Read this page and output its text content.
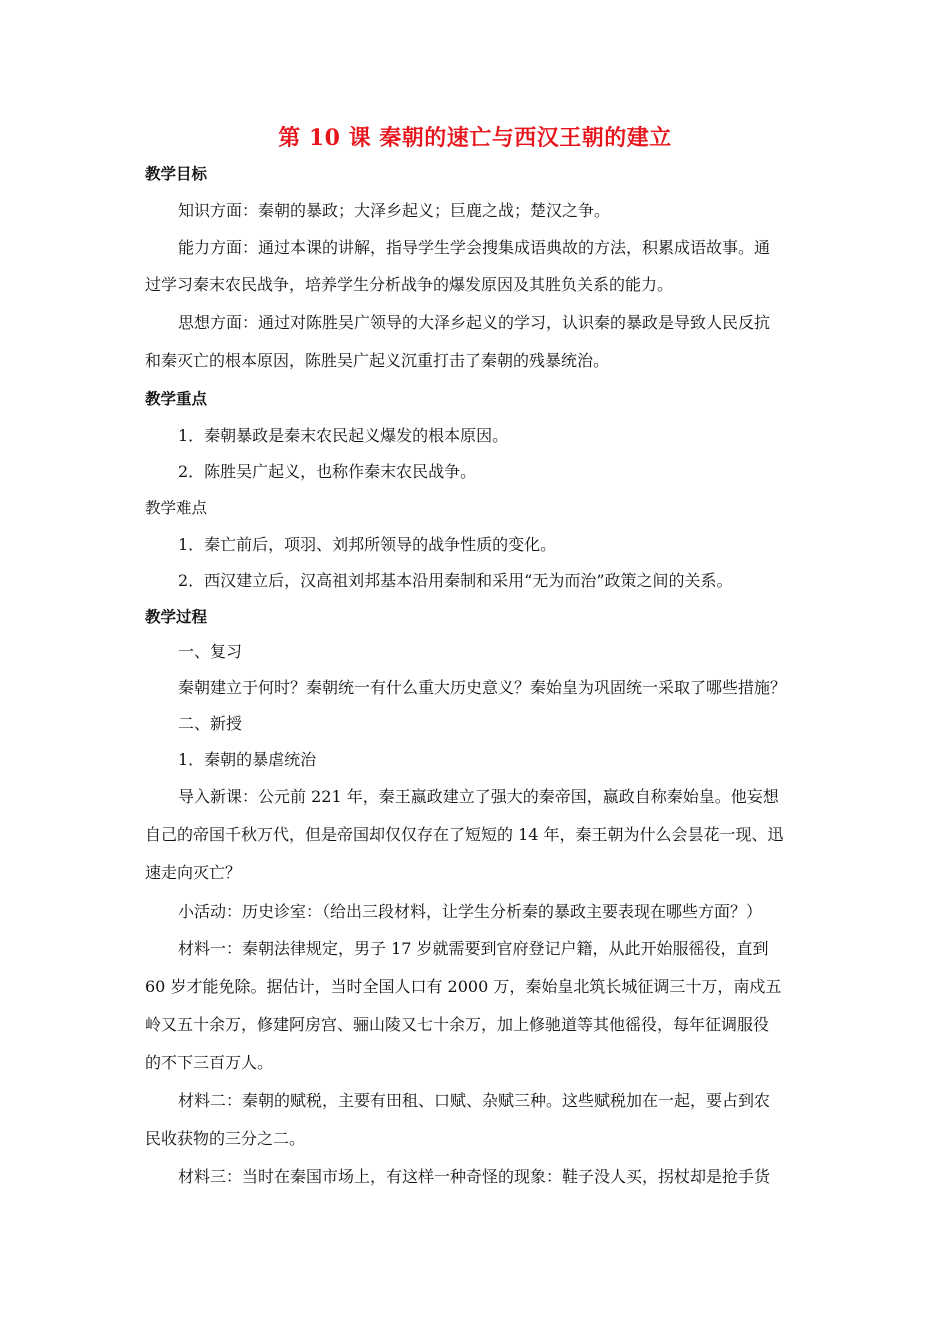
第 10 课 秦朝的速亡与西汉王朝的建立
教学目标
知识方面：秦朝的暴政；大泽乡起义；巨鹿之战；楚汉之争。
能力方面：通过本课的讲解，指导学生学会搜集成语典故的方法，积累成语故事。通
过学习秦末农民战争，培养学生分析战争的爆发原因及其胜负关系的能力。
思想方面：通过对陈胜吴广领导的大泽乡起义的学习，认识秦的暴政是导致人民反抗
和秦灭亡的根本原因，陈胜吴广起义沉重打击了秦朝的残暴统治。
教学重点
1．秦朝暴政是秦末农民起义爆发的根本原因。
2．陈胜吴广起义，也称作秦末农民战争。
教学难点
1．秦亡前后，项羽、刘邦所领导的战争性质的变化。
2．西汉建立后，汉高祖刘邦基本沿用秦制和采用“无为而治”政策之间的关系。
教学过程
一、复习
秦朝建立于何时？秦朝统一有什么重大历史意义？秦始皇为巩固统一采取了哪些措施？
二、新授
1．秦朝的暴虐统治
导入新课：公元前 221 年，秦王嬴政建立了强大的秦帝国，嬴政自称秦始皇。他妄想
自己的帝国千秋万代，但是帝国却仅仅存在了短短的 14 年，秦王朝为什么会昙花一现、迅
速走向灭亡？
小活动：历史诊室：（给出三段材料，让学生分析秦的暴政主要表现在哪些方面？）
材料一：秦朝法律规定，男子 17 岁就需要到官府登记户籍，从此开始服徭役，直到
60 岁才能免除。据估计，当时全国人口有 2000 万，秦始皇北筑长城征调三十万，南戍五
岭又五十余万，修建阿房宫、骊山陵又七十余万，加上修驰道等其他徭役，每年征调服役
的不下三百万人。
材料二：秦朝的赋税，主要有田租、口赋、杂赋三种。这些赋税加在一起，要占到农
民收获物的三分之二。
材料三：当时在秦国市场上，有这样一种奇怪的现象：鞋子没人买，拐杖却是抢手货
